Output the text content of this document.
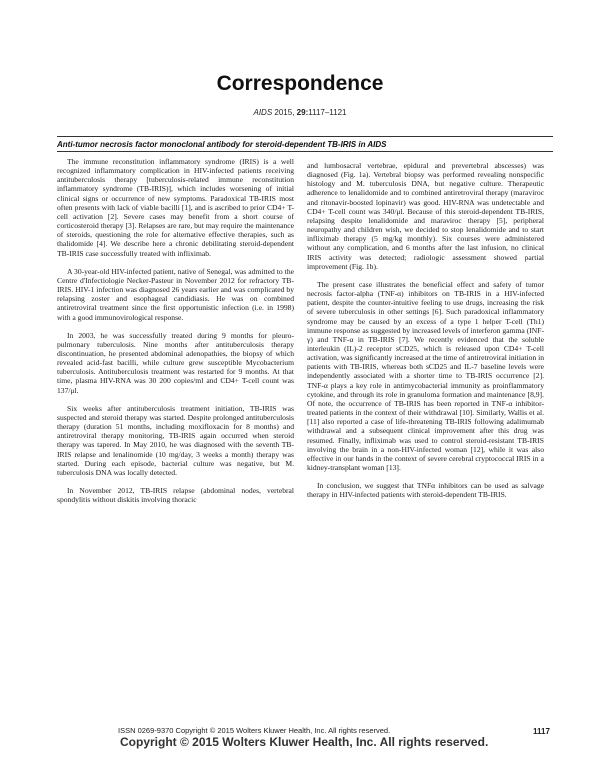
Correspondence
AIDS 2015, 29:1117–1121
Anti-tumor necrosis factor monoclonal antibody for steroid-dependent TB-IRIS in AIDS

The immune reconstitution inflammatory syndrome (IRIS) is a well recognized inflammatory complication in HIV-infected patients receiving antituberculosis therapy [tuberculosis-related immune reconstitution inflammatory syndrome (TB-IRIS)], which includes worsening of initial clinical signs or occurrence of new symptoms. Paradoxical TB-IRIS most often presents with lack of viable bacilli [1], and is ascribed to prior CD4+ T-cell activation [2]. Severe cases may benefit from a short course of corticosteroid therapy [3]. Relapses are rare, but may require the maintenance of steroids, questioning the role for alternative effective therapies, such as thalidomide [4]. We describe here a chronic debilitating steroid-dependent TB-IRIS case successfully treated with infliximab.

A 30-year-old HIV-infected patient, native of Senegal, was admitted to the Centre d'Infectiologie Necker-Pasteur in November 2012 for refractory TB-IRIS. HIV-1 infection was diagnosed 26 years earlier and was complicated by relapsing zoster and esophageal candidiasis. He was on combined antiretroviral treatment since the first opportunistic infection (i.e. in 1998) with a good immunovirological response.

In 2003, he was successfully treated during 9 months for pleuro-pulmonary tuberculosis. Nine months after antituberculosis therapy discontinuation, he presented abdominal adenopathies, the biopsy of which revealed acid-fast bacilli, while culture grew susceptible Mycobacterium tuberculosis. Antituberculosis treatment was restarted for 9 months. At that time, plasma HIV-RNA was 30 200 copies/ml and CD4+ T-cell count was 137/μl.

Six weeks after antituberculosis treatment initiation, TB-IRIS was suspected and steroid therapy was started. Despite prolonged antituberculosis therapy (duration 51 months, including moxifloxacin for 8 months) and antiretroviral therapy monitoring, TB-IRIS again occurred when steroid therapy was tapered. In May 2010, he was diagnosed with the seventh TB-IRIS relapse and lenalinomide (10 mg/day, 3 weeks a month) therapy was started. During each episode, bacterial culture was negative, but M. tuberculosis DNA was locally detected.

In November 2012, TB-IRIS relapse (abdominal nodes, vertebral spondylitis without diskitis involving thoracic

and lumbosacral vertebrae, epidural and prevertebral abscesses) was diagnosed (Fig. 1a). Vertebral biopsy was performed revealing nonspecific histology and M. tuberculosis DNA, but negative culture. Therapeutic adherence to lenalidomide and to combined antiretroviral therapy (maraviroc and ritonavir-boosted lopinavir) was good. HIV-RNA was undetectable and CD4+ T-cell count was 340/μl. Because of this steroid-dependent TB-IRIS, relapsing despite lenalidomide and maraviroc therapy [5], peripheral neuropathy and children wish, we decided to stop lenalidomide and to start infliximab therapy (5 mg/kg monthly). Six courses were administered without any complication, and 6 months after the last infusion, no clinical IRIS activity was detected; radiologic assessment showed partial improvement (Fig. 1b).

The present case illustrates the beneficial effect and safety of tumor necrosis factor-alpha (TNF-α) inhibitors on TB-IRIS in a HIV-infected patient, despite the counter-intuitive feeling to use drugs, increasing the risk of severe tuberculosis in other settings [6]. Such paradoxical inflammatory syndrome may be caused by an excess of a type 1 helper T-cell (Th1) immune response as suggested by increased levels of interferon gamma (INF-γ) and TNF-α in TB-IRIS [7]. We recently evidenced that the soluble interleukin (IL)-2 receptor sCD25, which is released upon CD4+ T-cell activation, was significantly increased at the time of antiretroviral initiation in patients with TB-IRIS, whereas both sCD25 and IL-7 baseline levels were independently associated with a shorter time to TB-IRIS occurrence [2]. TNF-α plays a key role in antimycobacterial immunity as proinflammatory cytokine, and through its role in granuloma formation and maintenance [8,9]. Of note, the occurrence of TB-IRIS has been reported in TNF-α inhibitor-treated patients in the context of their withdrawal [10]. Similarly, Wallis et al. [11] also reported a case of life-threatening TB-IRIS following adalimumab withdrawal and a subsequent clinical improvement after this drug was resumed. Finally, infliximab was used to control steroid-resistant TB-IRIS involving the brain in a non-HIV-infected woman [12], while it was also effective in our hands in the context of severe cerebral cryptococcal IRIS in a kidney-transplant woman [13].

In conclusion, we suggest that TNFα inhibitors can be used as salvage therapy in HIV-infected patients with steroid-dependent TB-IRIS.

ISSN 0269-9370 Copyright © 2015 Wolters Kluwer Health, Inc. All rights reserved.	1117
Copyright © 2015 Wolters Kluwer Health, Inc. All rights reserved.
